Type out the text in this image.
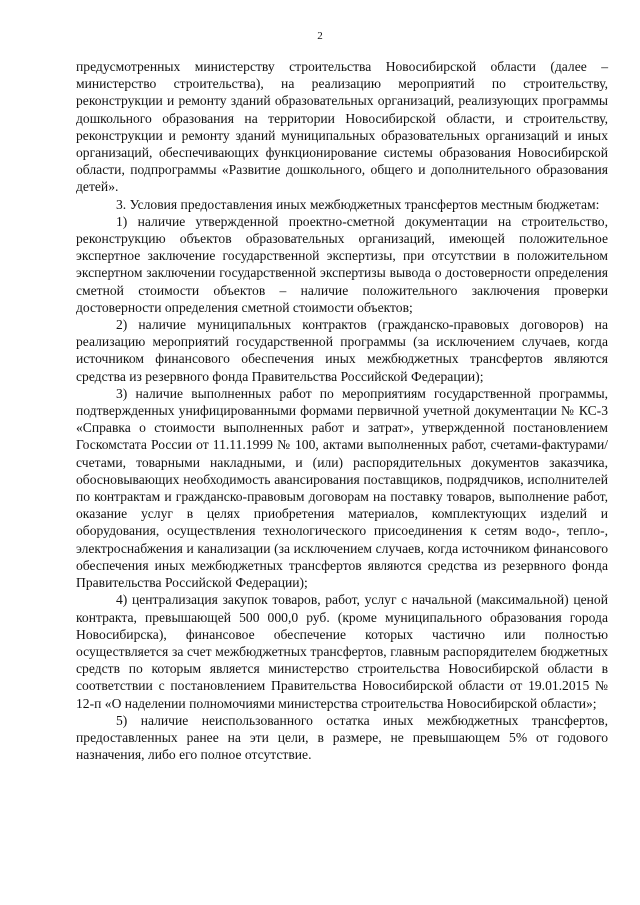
2

предусмотренных министерству строительства Новосибирской области (далее – министерство строительства), на реализацию мероприятий по строительству, реконструкции и ремонту зданий образовательных организаций, реализующих программы дошкольного образования на территории Новосибирской области, и строительству, реконструкции и ремонту зданий муниципальных образовательных организаций и иных организаций, обеспечивающих функционирование системы образования Новосибирской области, подпрограммы «Развитие дошкольного, общего и дополнительного образования детей».

3. Условия предоставления иных межбюджетных трансфертов местным бюджетам:

1) наличие утвержденной проектно-сметной документации на строительство, реконструкцию объектов образовательных организаций, имеющей положительное экспертное заключение государственной экспертизы, при отсутствии в положительном экспертном заключении государственной экспертизы вывода о достоверности определения сметной стоимости объектов – наличие положительного заключения проверки достоверности определения сметной стоимости объектов;

2) наличие муниципальных контрактов (гражданско-правовых договоров) на реализацию мероприятий государственной программы (за исключением случаев, когда источником финансового обеспечения иных межбюджетных трансфертов являются средства из резервного фонда Правительства Российской Федерации);

3) наличие выполненных работ по мероприятиям государственной программы, подтвержденных унифицированными формами первичной учетной документации № КС-3 «Справка о стоимости выполненных работ и затрат», утвержденной постановлением Госкомстата России от 11.11.1999 № 100, актами выполненных работ, счетами-фактурами/счетами, товарными накладными, и (или) распорядительных документов заказчика, обосновывающих необходимость авансирования поставщиков, подрядчиков, исполнителей по контрактам и гражданско-правовым договорам на поставку товаров, выполнение работ, оказание услуг в целях приобретения материалов, комплектующих изделий и оборудования, осуществления технологического присоединения к сетям водо-, тепло-, электроснабжения и канализации (за исключением случаев, когда источником финансового обеспечения иных межбюджетных трансфертов являются средства из резервного фонда Правительства Российской Федерации);

4) централизация закупок товаров, работ, услуг с начальной (максимальной) ценой контракта, превышающей 500 000,0 руб. (кроме муниципального образования города Новосибирска), финансовое обеспечение которых частично или полностью осуществляется за счет межбюджетных трансфертов, главным распорядителем бюджетных средств по которым является министерство строительства Новосибирской области в соответствии с постановлением Правительства Новосибирской области от 19.01.2015 № 12-п «О наделении полномочиями министерства строительства Новосибирской области»;

5) наличие неиспользованного остатка иных межбюджетных трансфертов, предоставленных ранее на эти цели, в размере, не превышающем 5% от годового назначения, либо его полное отсутствие.
